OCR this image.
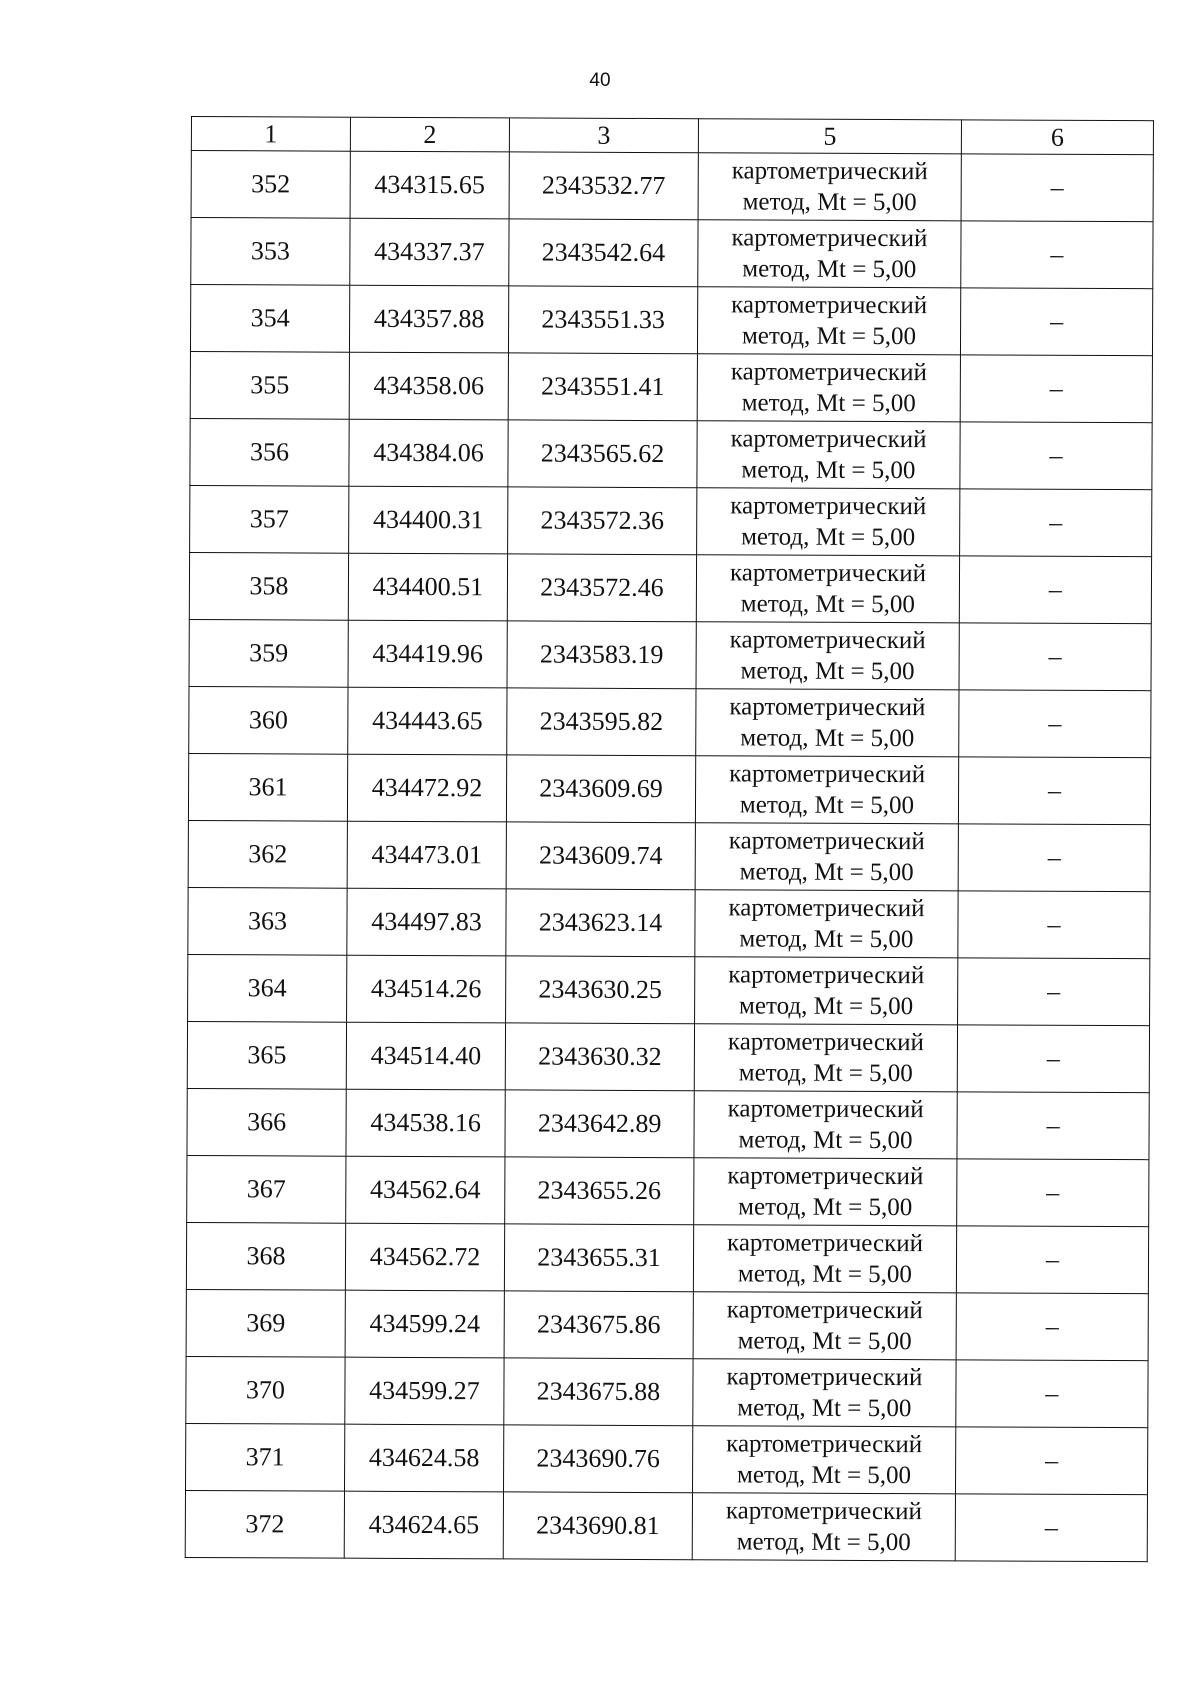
40
1	2	3	5	6
352	434315.65	2343532.77	картометрический
метод, Mt = 5,00	–
353	434337.37	2343542.64	картометрический
метод, Mt = 5,00	–
354	434357.88	2343551.33	картометрический
метод, Mt = 5,00	–
355	434358.06	2343551.41	картометрический
метод, Mt = 5,00	–
356	434384.06	2343565.62	картометрический
метод, Mt = 5,00	–
357	434400.31	2343572.36	картометрический
метод, Mt = 5,00	–
358	434400.51	2343572.46	картометрический
метод, Mt = 5,00	–
359	434419.96	2343583.19	картометрический
метод, Mt = 5,00	–
360	434443.65	2343595.82	картометрический
метод, Mt = 5,00	–
361	434472.92	2343609.69	картометрический
метод, Mt = 5,00	–
362	434473.01	2343609.74	картометрический
метод, Mt = 5,00	–
363	434497.83	2343623.14	картометрический
метод, Mt = 5,00	–
364	434514.26	2343630.25	картометрический
метод, Mt = 5,00	–
365	434514.40	2343630.32	картометрический
метод, Mt = 5,00	–
366	434538.16	2343642.89	картометрический
метод, Mt = 5,00	–
367	434562.64	2343655.26	картометрический
метод, Mt = 5,00	–
368	434562.72	2343655.31	картометрический
метод, Mt = 5,00	–
369	434599.24	2343675.86	картометрический
метод, Mt = 5,00	–
370	434599.27	2343675.88	картометрический
метод, Mt = 5,00	–
371	434624.58	2343690.76	картометрический
метод, Mt = 5,00	–
372	434624.65	2343690.81	картометрический
метод, Mt = 5,00	–
